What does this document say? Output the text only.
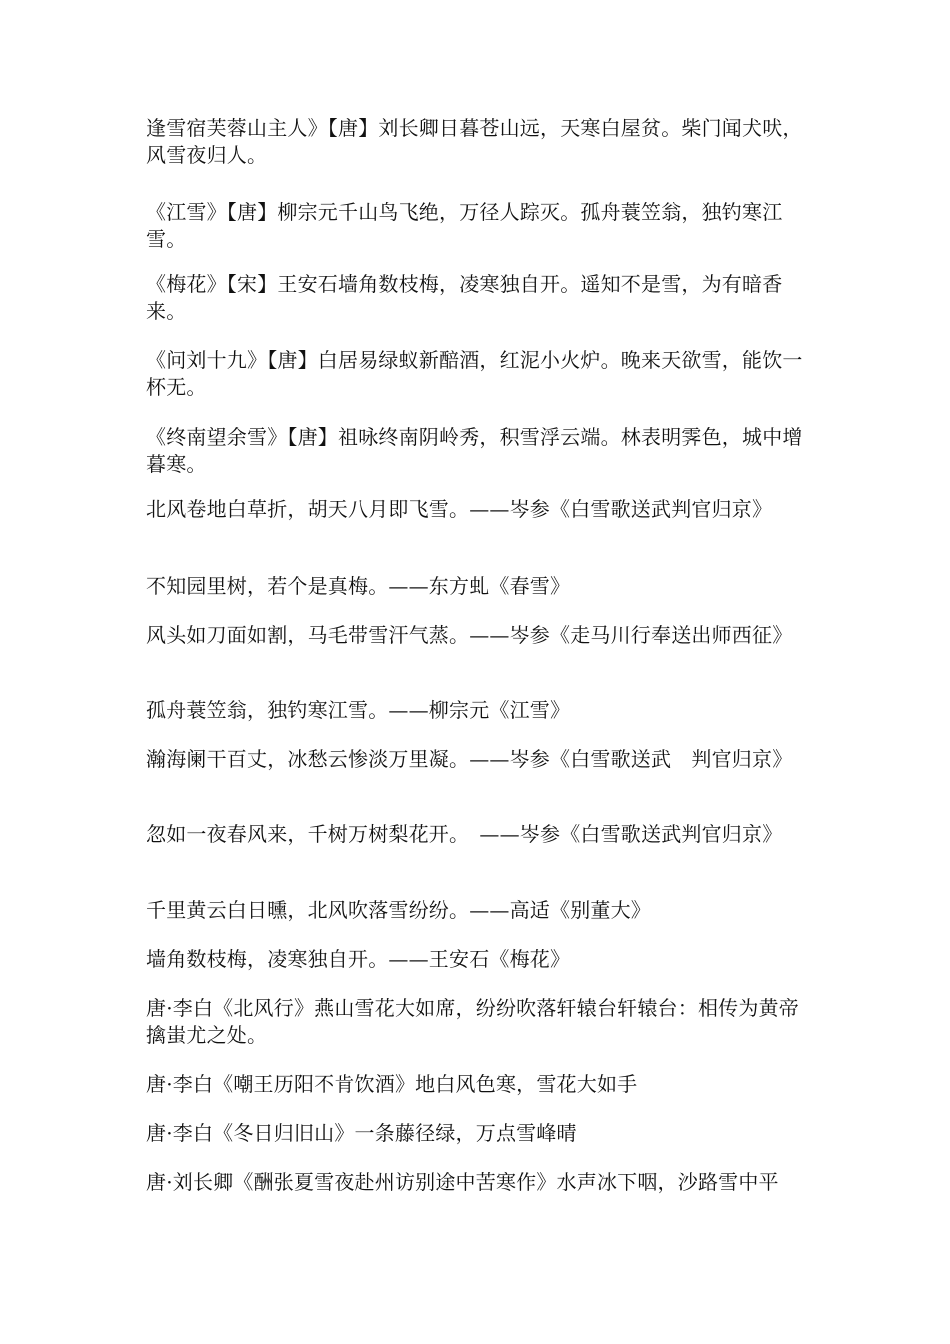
逢雪宿芙蓉山主人》【唐】刘长卿日暮苍山远，天寒白屋贫。柴门闻犬吠，风雪夜归人。

《江雪》【唐】柳宗元千山鸟飞绝，万径人踪灭。孤舟蓑笠翁，独钓寒江雪。

《梅花》【宋】王安石墙角数枝梅，凌寒独自开。遥知不是雪，为有暗香来。

《问刘十九》【唐】白居易绿蚁新醅酒，红泥小火炉。晚来天欲雪，能饮一杯无。

《终南望余雪》【唐】祖咏终南阴岭秀，积雪浮云端。林表明霁色，城中增暮寒。

北风卷地白草折，胡天八月即飞雪。——岑参《白雪歌送武判官归京》

不知园里树，若个是真梅。——东方虬《春雪》

风头如刀面如割，马毛带雪汗气蒸。——岑参《走马川行奉送出师西征》

孤舟蓑笠翁，独钓寒江雪。——柳宗元《江雪》

瀚海阑干百丈，冰愁云惨淡万里凝。——岑参《白雪歌送武　判官归京》

忽如一夜春风来，千树万树梨花开。　——岑参《白雪歌送武判官归京》

千里黄云白日曛，北风吹落雪纷纷。——高适《别董大》

墙角数枝梅，凌寒独自开。——王安石《梅花》

唐·李白《北风行》燕山雪花大如席，纷纷吹落轩辕台轩辕台：相传为黄帝擒蚩尤之处。

唐·李白《嘲王历阳不肯饮酒》地白风色寒，雪花大如手

唐·李白《冬日归旧山》一条藤径绿，万点雪峰晴

唐·刘长卿《酬张夏雪夜赴州访别途中苦寒作》水声冰下咽，沙路雪中平
